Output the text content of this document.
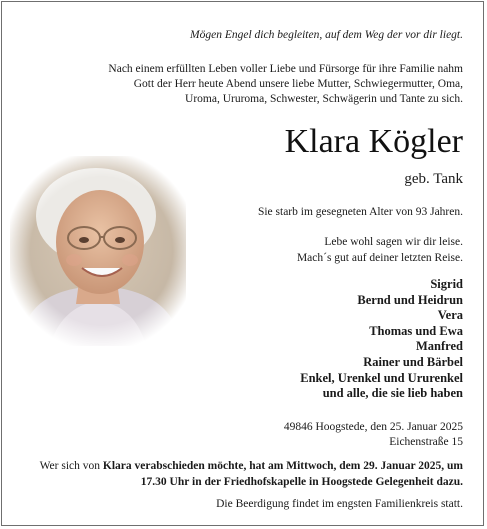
Mögen Engel dich begleiten, auf dem Weg der vor dir liegt.

Nach einem erfüllten Leben voller Liebe und Fürsorge für ihre Familie nahm
Gott der Herr heute Abend unsere liebe Mutter, Schwiegermutter, Oma,
Uroma, Ururoma, Schwester, Schwägerin und Tante zu sich.

Klara Kögler

geb. Tank

Sie starb im gesegneten Alter von 93 Jahren.

Lebe wohl sagen wir dir leise.
Mach´s gut auf deiner letzten Reise.

Sigrid
Bernd und Heidrun
Vera
Thomas und Ewa
Manfred
Rainer und Bärbel
Enkel, Urenkel und Ururenkel
und alle, die sie lieb haben

49846 Hoogstede, den 25. Januar 2025
Eichenstraße 15

Wer sich von Klara verabschieden möchte, hat am Mittwoch, dem 29. Januar 2025, um 17.30 Uhr in der Friedhofskapelle in Hoogstede Gelegenheit dazu.

Die Beerdigung findet im engsten Familienkreis statt.
